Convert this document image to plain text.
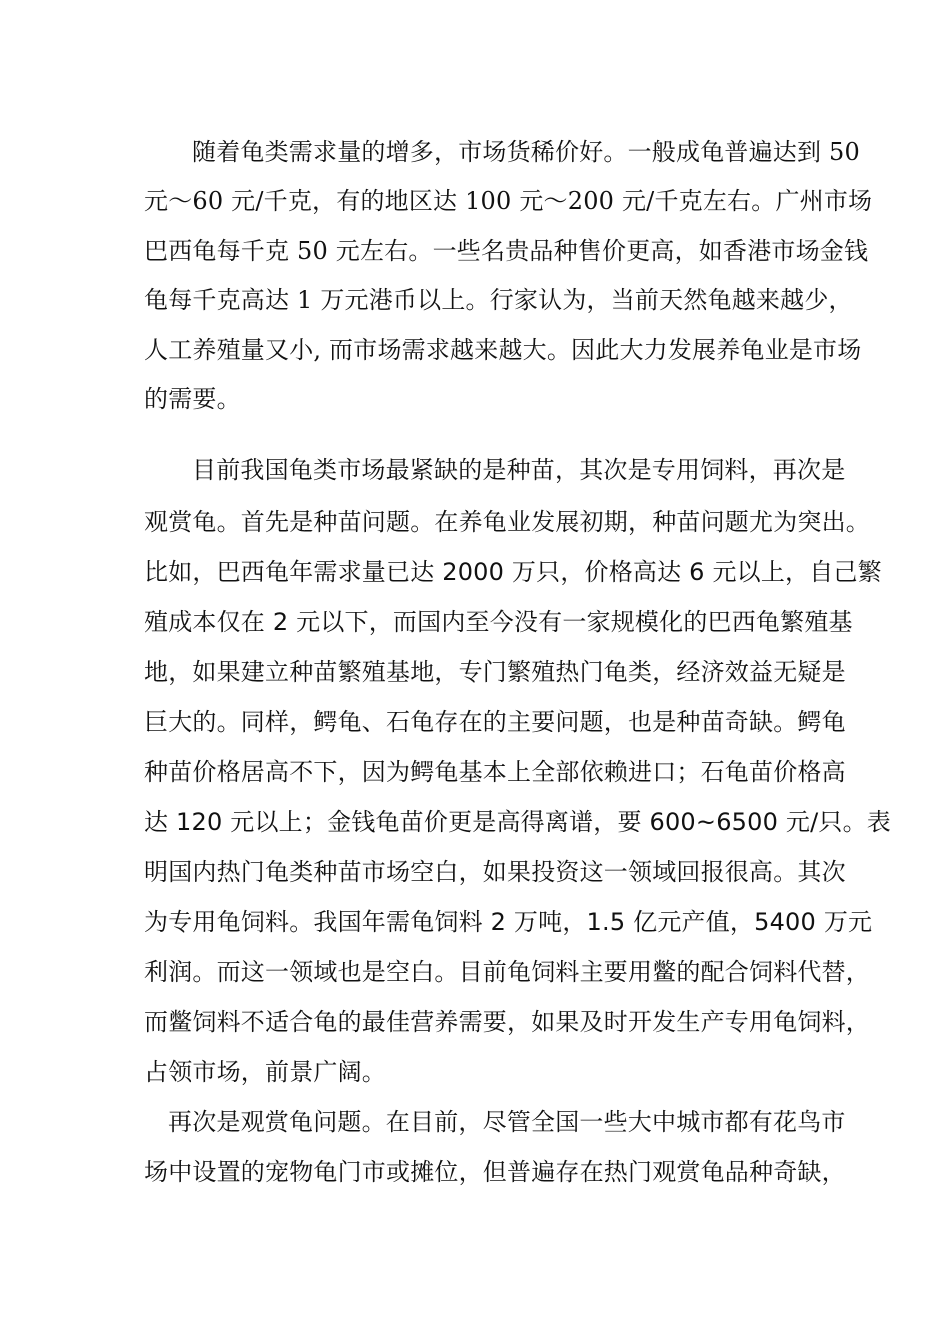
随着龟类需求量的增多，市场货稀价好。一般成龟普遍达到 50
元～60 元/千克，有的地区达 100 元～200 元/千克左右。广州市场
巴西龟每千克 50 元左右。一些名贵品种售价更高，如香港市场金钱
龟每千克高达 1 万元港币以上。行家认为，当前天然龟越来越少，
人工养殖量又小, 而市场需求越来越大。因此大力发展养龟业是市场
的需要。
目前我国龟类市场最紧缺的是种苗，其次是专用饲料，再次是
观赏龟。首先是种苗问题。在养龟业发展初期，种苗问题尤为突出。
比如，巴西龟年需求量已达 2000 万只，价格高达 6 元以上，自己繁
殖成本仅在 2 元以下，而国内至今没有一家规模化的巴西龟繁殖基
地，如果建立种苗繁殖基地，专门繁殖热门龟类，经济效益无疑是
巨大的。同样，鳄龟、石龟存在的主要问题，也是种苗奇缺。鳄龟
种苗价格居高不下，因为鳄龟基本上全部依赖进口；石龟苗价格高
达 120 元以上；金钱龟苗价更是高得离谱，要 600~6500 元/只。表
明国内热门龟类种苗市场空白，如果投资这一领域回报很高。其次
为专用龟饲料。我国年需龟饲料 2 万吨，1.5 亿元产值，5400 万元
利润。而这一领域也是空白。目前龟饲料主要用鳖的配合饲料代替，
而鳖饲料不适合龟的最佳营养需要，如果及时开发生产专用龟饲料，
占领市场，前景广阔。
再次是观赏龟问题。在目前，尽管全国一些大中城市都有花鸟市
场中设置的宠物龟门市或摊位，但普遍存在热门观赏龟品种奇缺，
